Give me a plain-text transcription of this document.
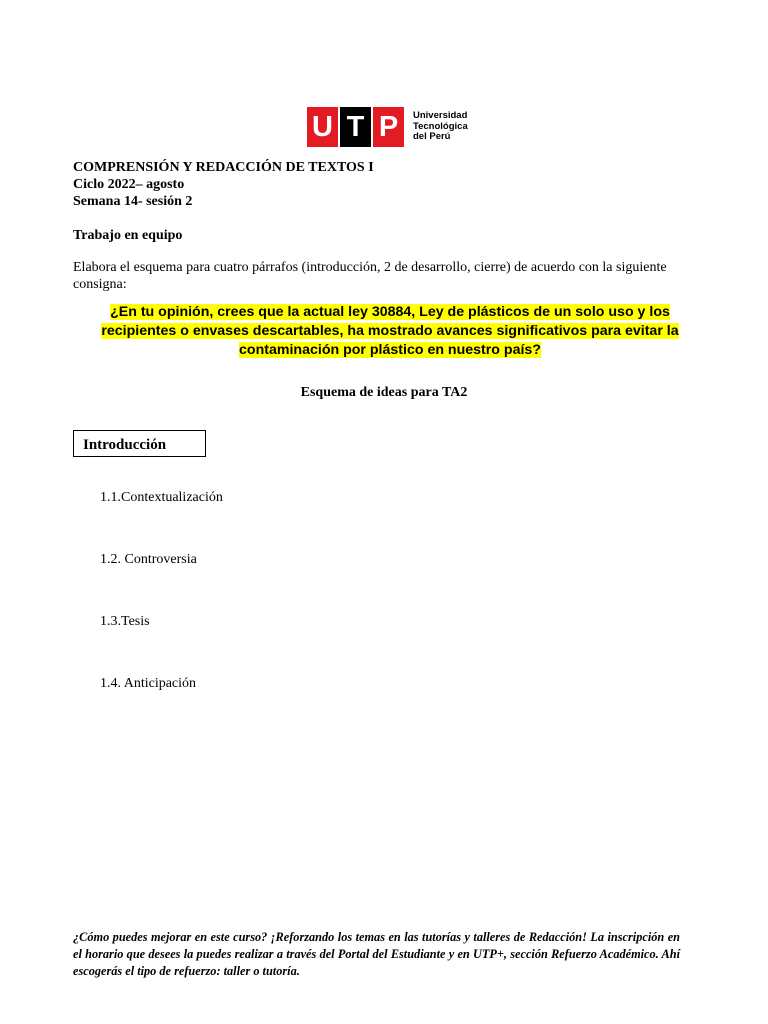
U T P	Universidad
Tecnológica
del Perú
COMPRENSIÓN Y REDACCIÓN DE TEXTOS I
Ciclo 2022– agosto
Semana 14- sesión 2
Trabajo en equipo
Elabora el esquema para cuatro párrafos (introducción, 2 de desarrollo, cierre) de acuerdo con la siguiente consigna:
¿En tu opinión, crees que la actual ley 30884, Ley de plásticos de un solo uso y los
recipientes o envases descartables, ha mostrado avances significativos para evitar la
contaminación por plástico en nuestro país?
Esquema de ideas para TA2
Introducción
1.1.Contextualización
1.2. Controversia
1.3.Tesis
1.4. Anticipación
¿Cómo puedes mejorar en este curso? ¡Reforzando los temas en las tutorías y talleres de Redacción! La inscripción en el horario que desees la puedes realizar a través del Portal del Estudiante y en UTP+, sección Refuerzo Académico. Ahí escogerás el tipo de refuerzo: taller o tutoría.
